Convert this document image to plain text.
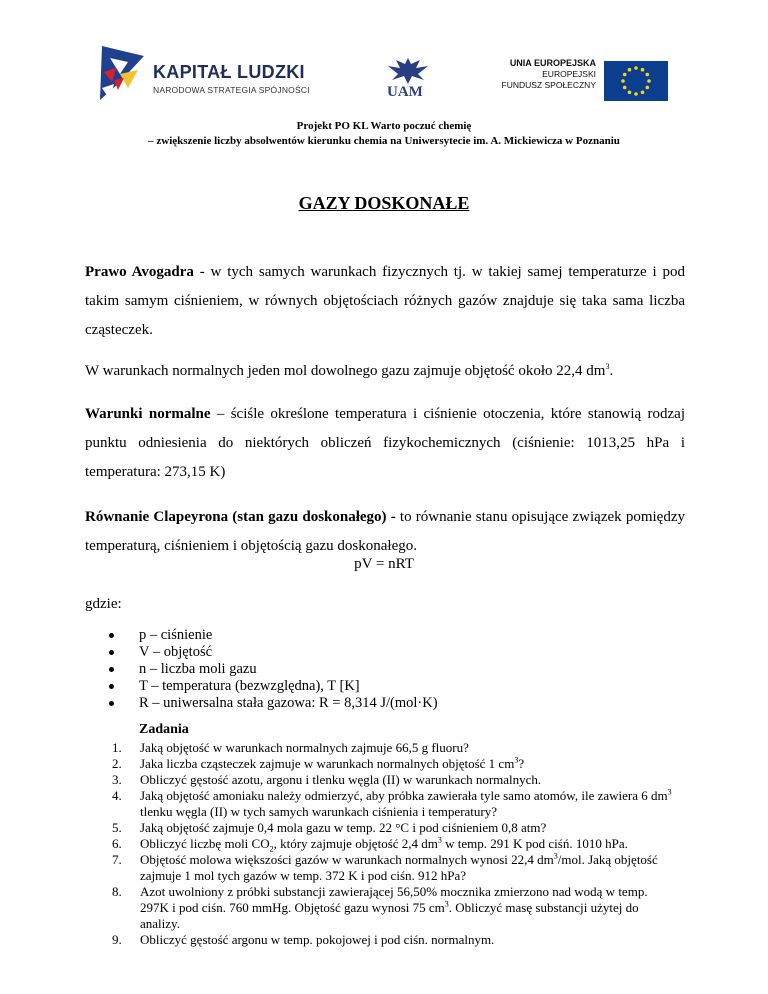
KAPITAŁ LUDZKI
NARODOWA STRATEGIA SPÓJNOŚCI	UAM
UNIA EUROPEJSKA
EUROPEJSKI
FUNDUSZ SPOŁECZNY
Projekt PO KL Warto poczuć chemię
– zwiększenie liczby absolwentów kierunku chemia na Uniwersytecie im. A. Mickiewicza w Poznaniu
GAZY DOSKONAŁE
Prawo Avogadra - w tych samych warunkach fizycznych tj. w takiej samej temperaturze i pod takim samym ciśnieniem, w równych objętościach różnych gazów znajduje się taka sama liczba cząsteczek.
W warunkach normalnych jeden mol dowolnego gazu zajmuje objętość około 22,4 $dm^3$.
Warunki normalne – ściśle określone temperatura i ciśnienie otoczenia, które stanowią rodzaj punktu odniesienia do niektórych obliczeń fizykochemicznych (ciśnienie: 1013,25 hPa i temperatura: 273,15 K)
Równanie Clapeyrona (stan gazu doskonałego) - to równanie stanu opisujące związek pomiędzy temperaturą, ciśnieniem i objętością gazu doskonałego.
pV = nRT
gdzie:
p – ciśnienie
V – objętość
n – liczba moli gazu
T – temperatura (bezwzględna), T [K]
R – uniwersalna stała gazowa: R = 8,314 J/(mol·K)
Zadania
1. Jaką objętość w warunkach normalnych zajmuje 66,5 g fluoru?
2. Jaka liczba cząsteczek zajmuje w warunkach normalnych objętość 1 $cm^3$?
3. Obliczyć gęstość azotu, argonu i tlenku węgla (II) w warunkach normalnych.
4. Jaką objętość amoniaku należy odmierzyć, aby próbka zawierała tyle samo atomów, ile zawiera 6 $dm^3$ tlenku węgla (II) w tych samych warunkach ciśnienia i temperatury?
5. Jaką objętość zajmuje 0,4 mola gazu w temp. 22 °C i pod ciśnieniem 0,8 atm?
6. Obliczyć liczbę moli $CO_2$, który zajmuje objętość 2,4 $dm^3$ w temp. 291 K pod ciśń. 1010 hPa.
7. Objętość molowa większości gazów w warunkach normalnych wynosi 22,4 $dm^3$/mol. Jaką objętość zajmuje 1 mol tych gazów w temp. 372 K i pod ciśn. 912 hPa?
8. Azot uwolniony z próbki substancji zawierającej 56,50% mocznika zmierzono nad wodą w temp. 297K i pod ciśn. 760 mmHg. Objętość gazu wynosi 75 $cm^3$. Obliczyć masę substancji użytej do analizy.
9. Obliczyć gęstość argonu w temp. pokojowej i pod ciśn. normalnym.
